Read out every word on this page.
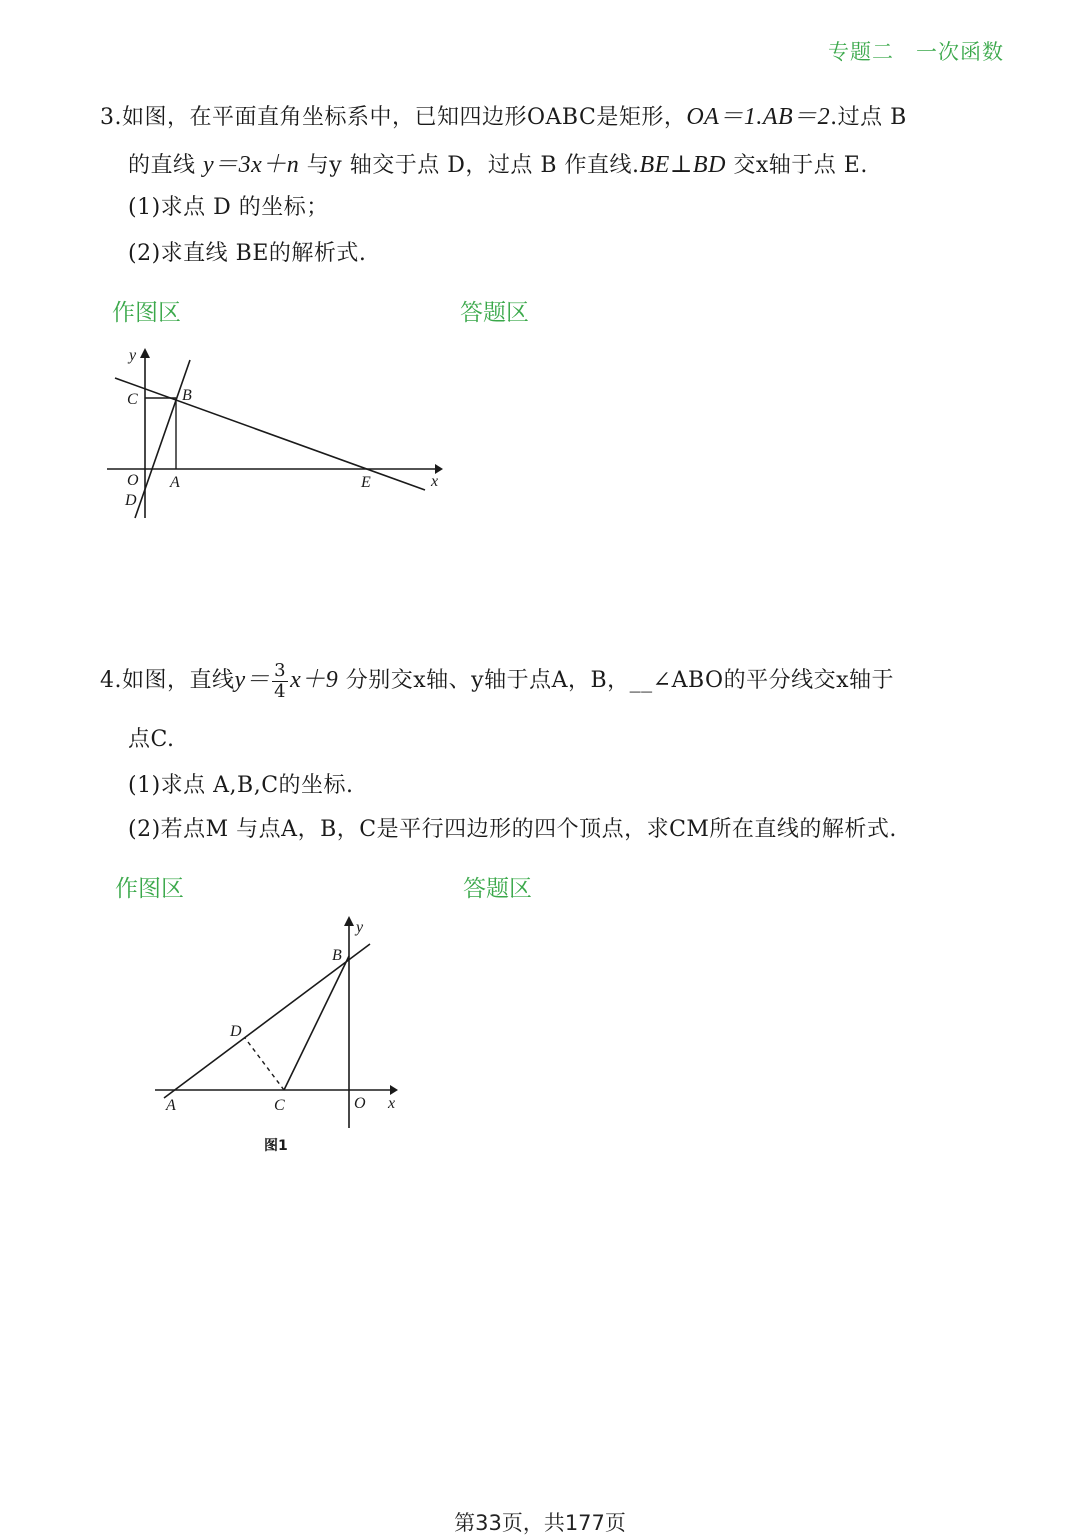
专题二　一次函数
3.如图，在平面直角坐标系中，已知四边形OABC是矩形，OA＝1.AB＝2.过点 B
的直线 y＝3x＋n 与y 轴交于点 D，过点 B 作直线.BE⊥BD 交x轴于点 E.
(1)求点 D 的坐标；
(2)求直线 BE的解析式.
作图区	答题区
y
C	B
O A
D
E	x
4.如图，直线$y= \frac{3}{4} x+9$ 分别交x轴、y轴于点A，B，__∠ABO的平分线交x轴于
点C.
(1)求点 A,B,C的坐标.
(2)若点M 与点A，B，C是平行四边形的四个顶点，求CM所在直线的解析式.
作图区	答题区
y
B
D
A	C	O x
图1
第33页，共177页
